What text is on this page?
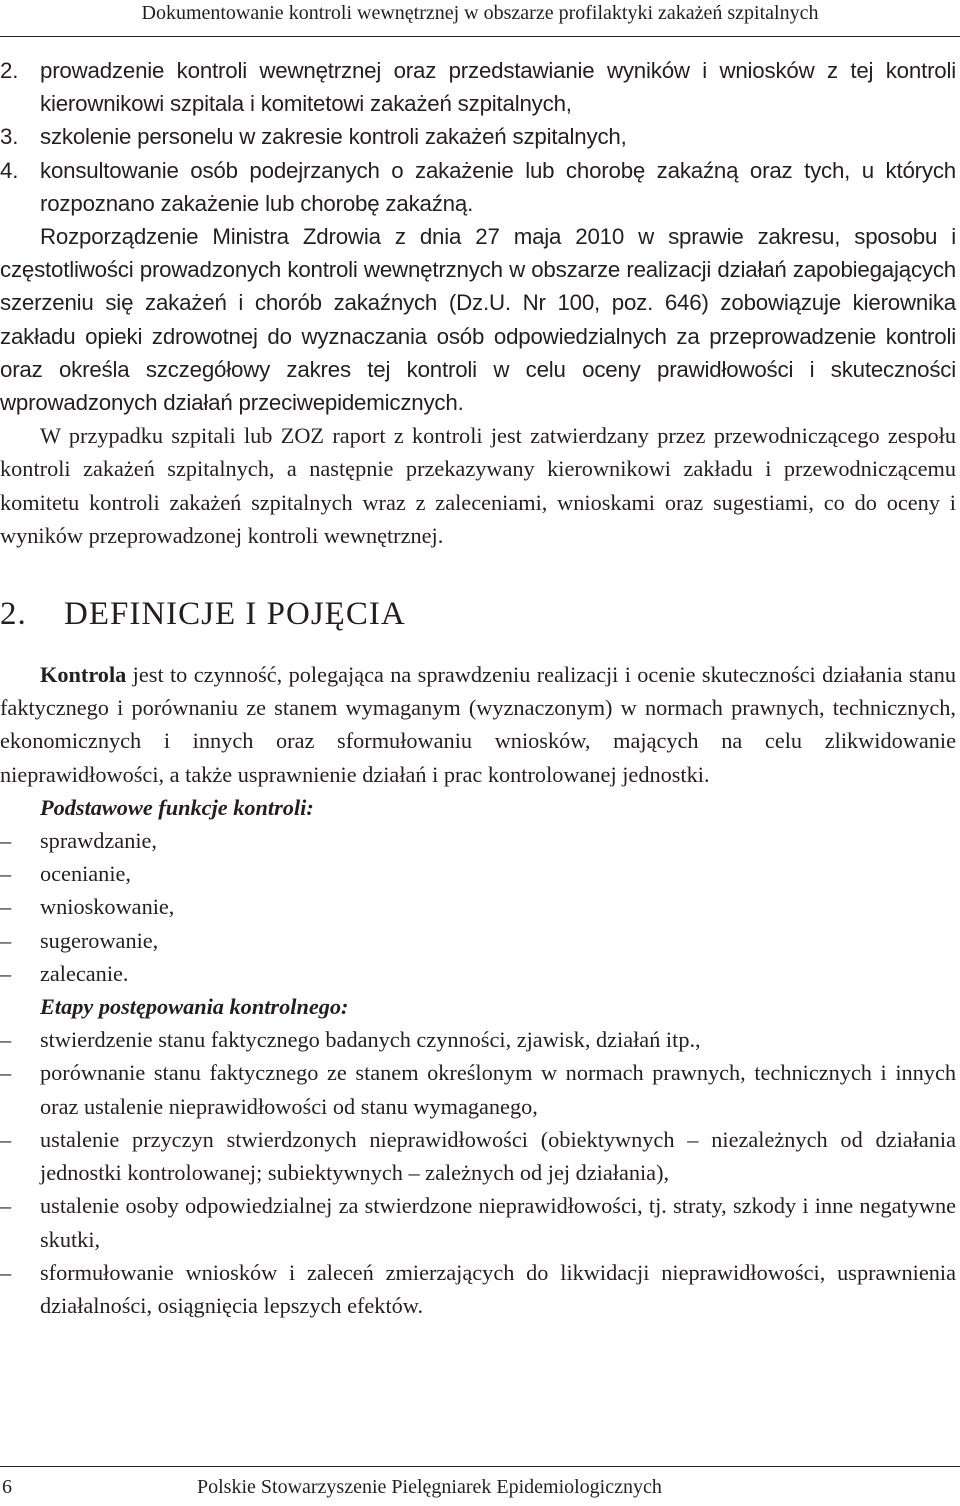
Dokumentowanie kontroli wewnętrznej w obszarze profilaktyki zakażeń szpitalnych

2. prowadzenie kontroli wewnętrznej oraz przedstawianie wyników i wniosków z tej kontroli kierownikowi szpitala i komitetowi zakażeń szpitalnych,

3. szkolenie personelu w zakresie kontroli zakażeń szpitalnych,

4. konsultowanie osób podejrzanych o zakażenie lub chorobę zakaźną oraz tych, u których rozpoznano zakażenie lub chorobę zakaźną.

Rozporządzenie Ministra Zdrowia z dnia 27 maja 2010 w sprawie zakresu, sposobu i częstotliwości prowadzonych kontroli wewnętrznych w obszarze realizacji działań zapobiegających szerzeniu się zakażeń i chorób zakaźnych (Dz.U. Nr 100, poz. 646) zobowiązuje kierownika zakładu opieki zdrowotnej do wyznaczania osób odpowiedzialnych za przeprowadzenie kontroli oraz określa szczegółowy zakres tej kontroli w celu oceny prawidłowości i skuteczności wprowadzonych działań przeciwepidemicznych.

W przypadku szpitali lub ZOZ raport z kontroli jest zatwierdzany przez przewodniczącego zespołu kontroli zakażeń szpitalnych, a następnie przekazywany kierownikowi zakładu i przewodniczącemu komitetu kontroli zakażeń szpitalnych wraz z zaleceniami, wnioskami oraz sugestiami, co do oceny i wyników przeprowadzonej kontroli wewnętrznej.

2.	DEFINICJE I POJĘCIA

Kontrola jest to czynność, polegająca na sprawdzeniu realizacji i ocenie skuteczności działania stanu faktycznego i porównaniu ze stanem wymaganym (wyznaczonym) w normach prawnych, technicznych, ekonomicznych i innych oraz sformułowaniu wniosków, mających na celu zlikwidowanie nieprawidłowości, a także usprawnienie działań i prac kontrolowanej jednostki.

Podstawowe funkcje kontroli:

– sprawdzanie,
– ocenianie,
– wnioskowanie,
– sugerowanie,
– zalecanie.

Etapy postępowania kontrolnego:

– stwierdzenie stanu faktycznego badanych czynności, zjawisk, działań itp.,
– porównanie stanu faktycznego ze stanem określonym w normach prawnych, technicznych i innych oraz ustalenie nieprawidłowości od stanu wymaganego,
– ustalenie przyczyn stwierdzonych nieprawidłowości (obiektywnych – niezależnych od działania jednostki kontrolowanej; subiektywnych – zależnych od jej działania),
– ustalenie osoby odpowiedzialnej za stwierdzone nieprawidłowości, tj. straty, szkody i inne negatywne skutki,
– sformułowanie wniosków i zaleceń zmierzających do likwidacji nieprawidłowości, usprawnienia działalności, osiągnięcia lepszych efektów.
6	Polskie Stowarzyszenie Pielęgniarek Epidemiologicznych
